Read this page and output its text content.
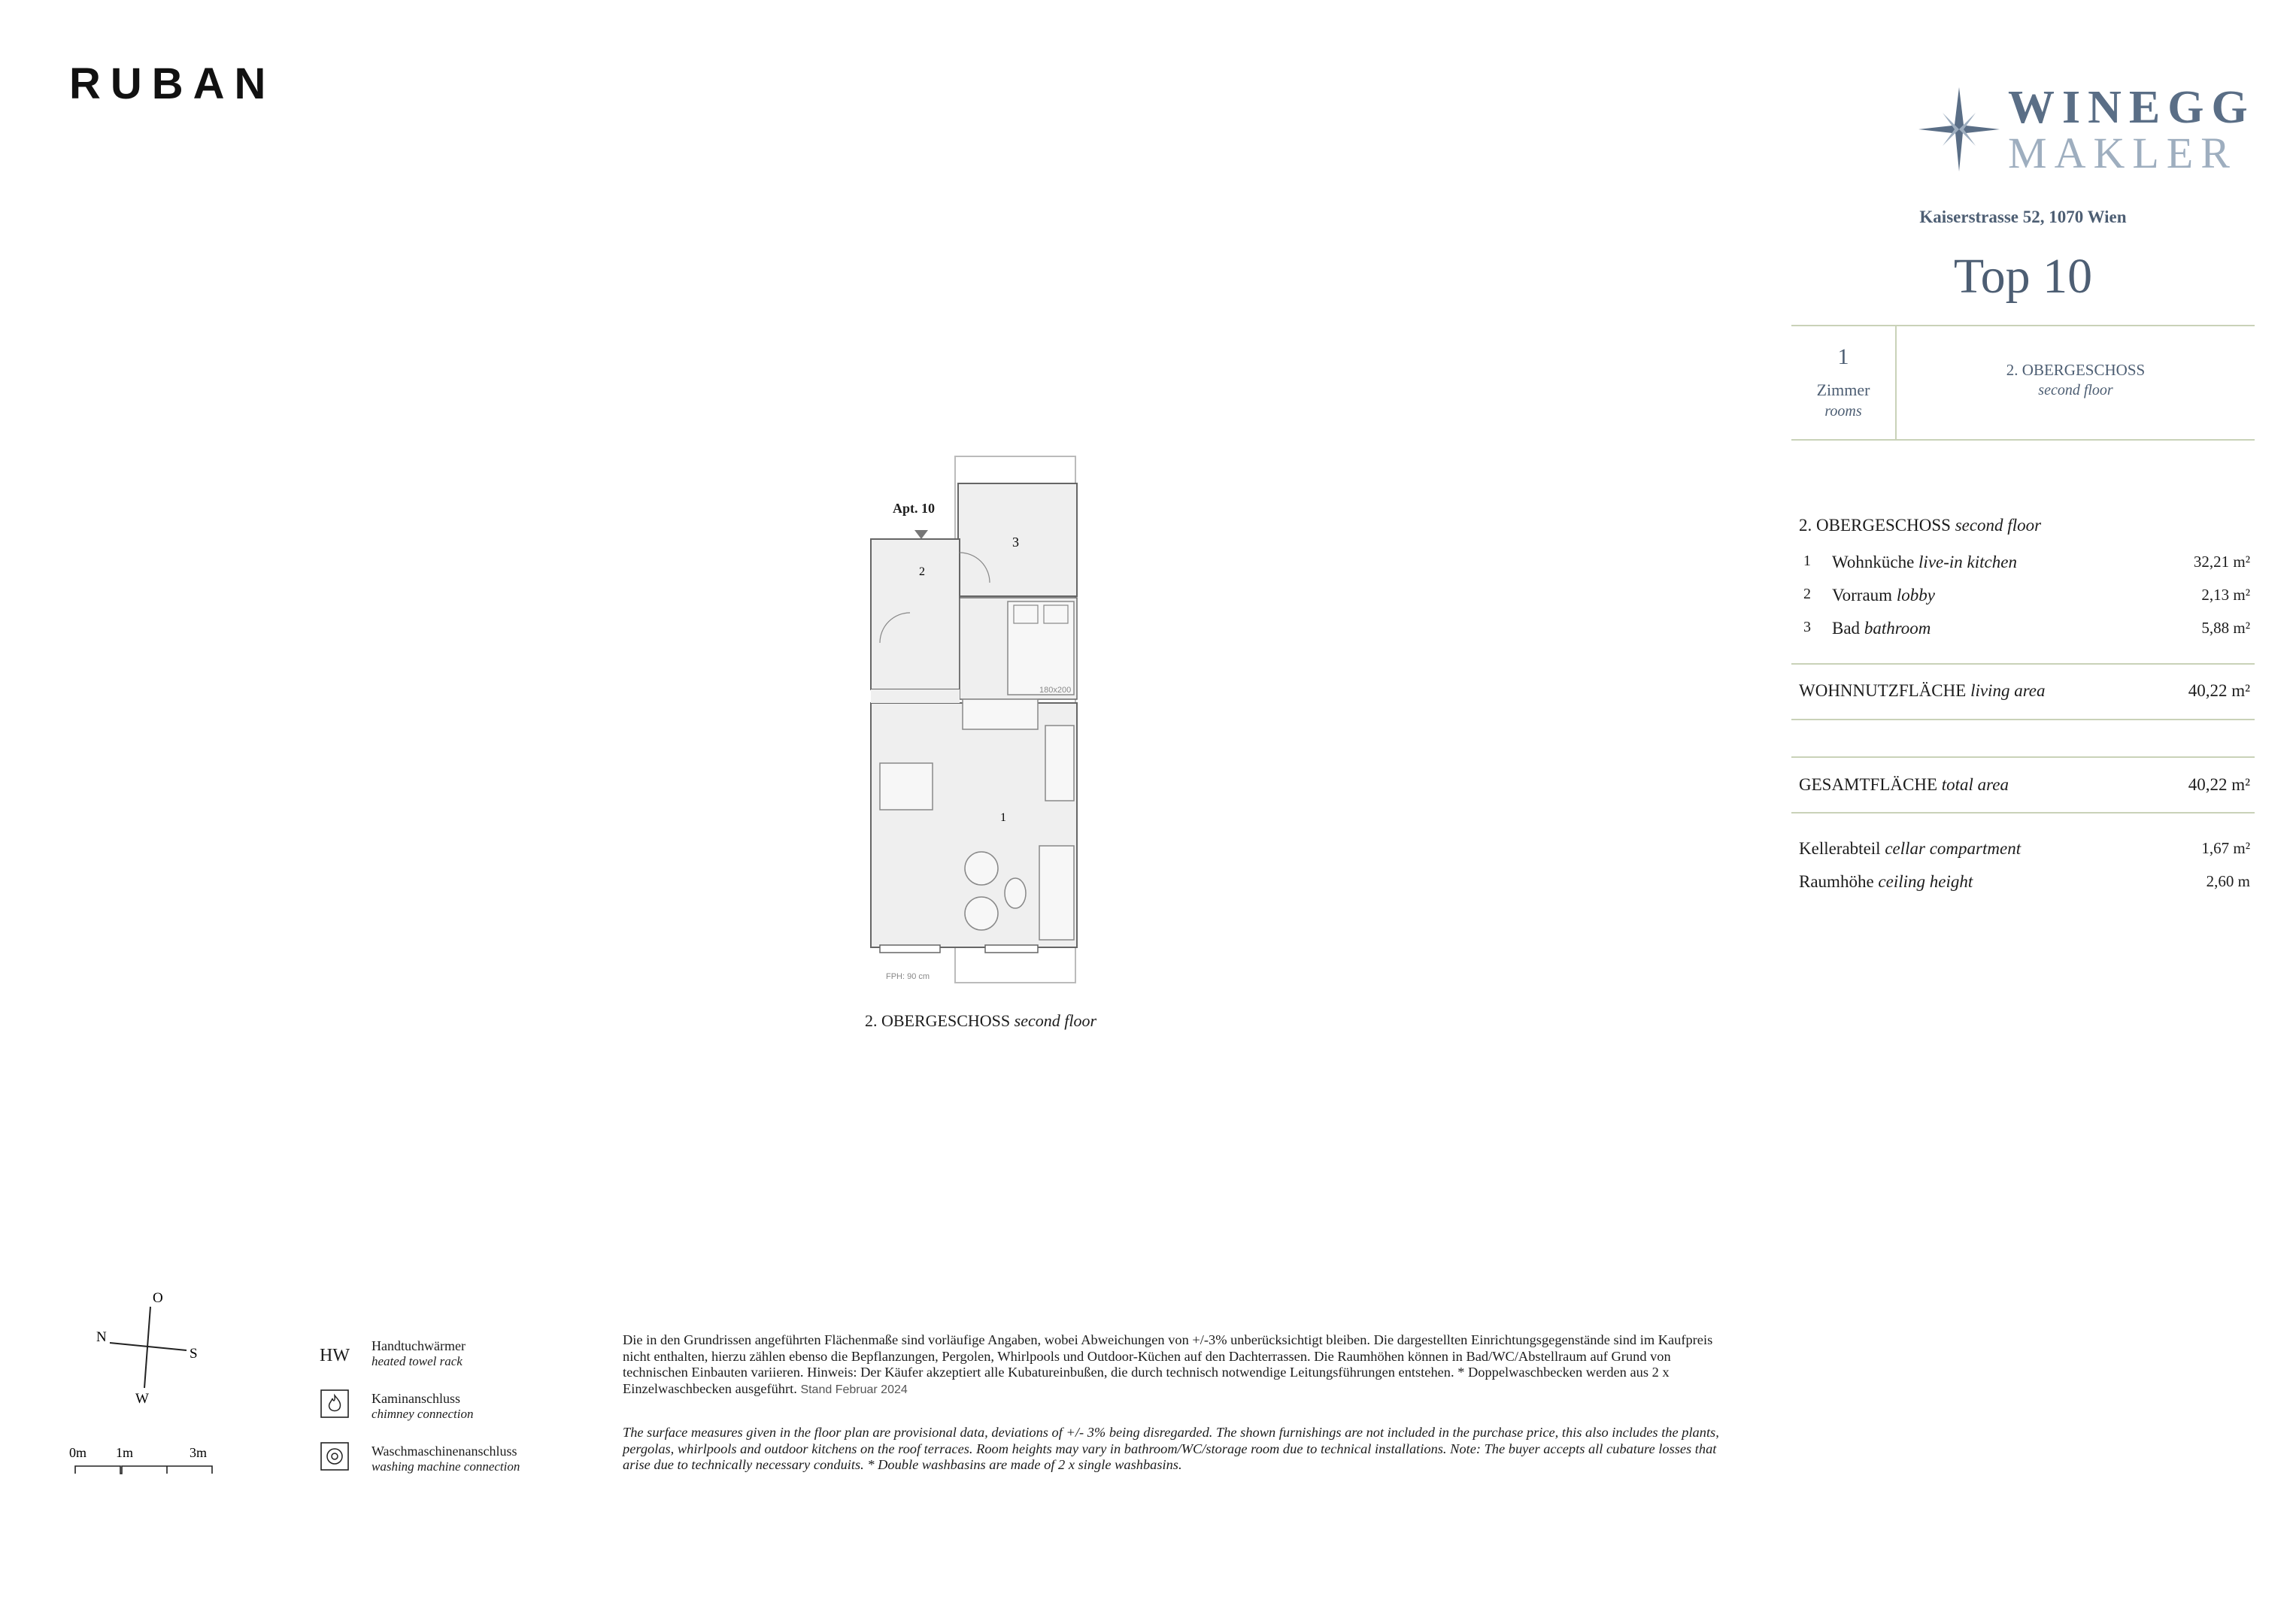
RUBAN	WINEGG
MAKLER
Kaiserstrasse 52, 1070 Wien
Top 10
1
Zimmer
rooms
2. OBERGESCHOSS
second floor
2. OBERGESCHOSS second floor
1 Wohnküche live-in kitchen	32,21 m²
2 Vorraum lobby	2,13 m²
3 Bad bathroom	5,88 m²
WOHNNUTZFLÄCHE living area	40,22 m²
GESAMTFLÄCHE total area	40,22 m²
Kellerabteil cellar compartment	1,67 m²
Raumhöhe ceiling height	2,60 m
Apt. 10
2
3
1
180x200
FPH: 90 cm
2. OBERGESCHOSS second floor
O
N
S
W
0m 1m	3m
HW Handtuchwärmer
heated towel rack
Kaminanschluss
chimney connection
Waschmaschinenanschluss
washing machine connection
Die in den Grundrissen angeführten Flächenmaße sind vorläufige Angaben, wobei Abweichungen von +/-3% unberücksichtigt bleiben. Die dargestellten Einrichtungsgegenstände sind im Kaufpreis nicht enthalten, hierzu zählen ebenso die Bepflanzungen, Pergolen, Whirlpools und Outdoor-Küchen auf den Dachterrassen. Die Raumhöhen können in Bad/WC/Abstellraum auf Grund von technischen Einbauten variieren. Hinweis: Der Käufer akzeptiert alle Kubatureinbußen, die durch technisch notwendige Leitungsführungen entstehen. * Doppelwaschbecken werden aus 2 x Einzelwaschbecken ausgeführt. Stand Februar 2024
The surface measures given in the floor plan are provisional data, deviations of +/- 3% being disregarded. The shown furnishings are not included in the purchase price, this also includes the plants, pergolas, whirlpools and outdoor kitchens on the roof terraces. Room heights may vary in bathroom/WC/storage room due to technical installations. Note: The buyer accepts all cubature losses that arise due to technically necessary conduits. * Double washbasins are made of 2 x single washbasins.
